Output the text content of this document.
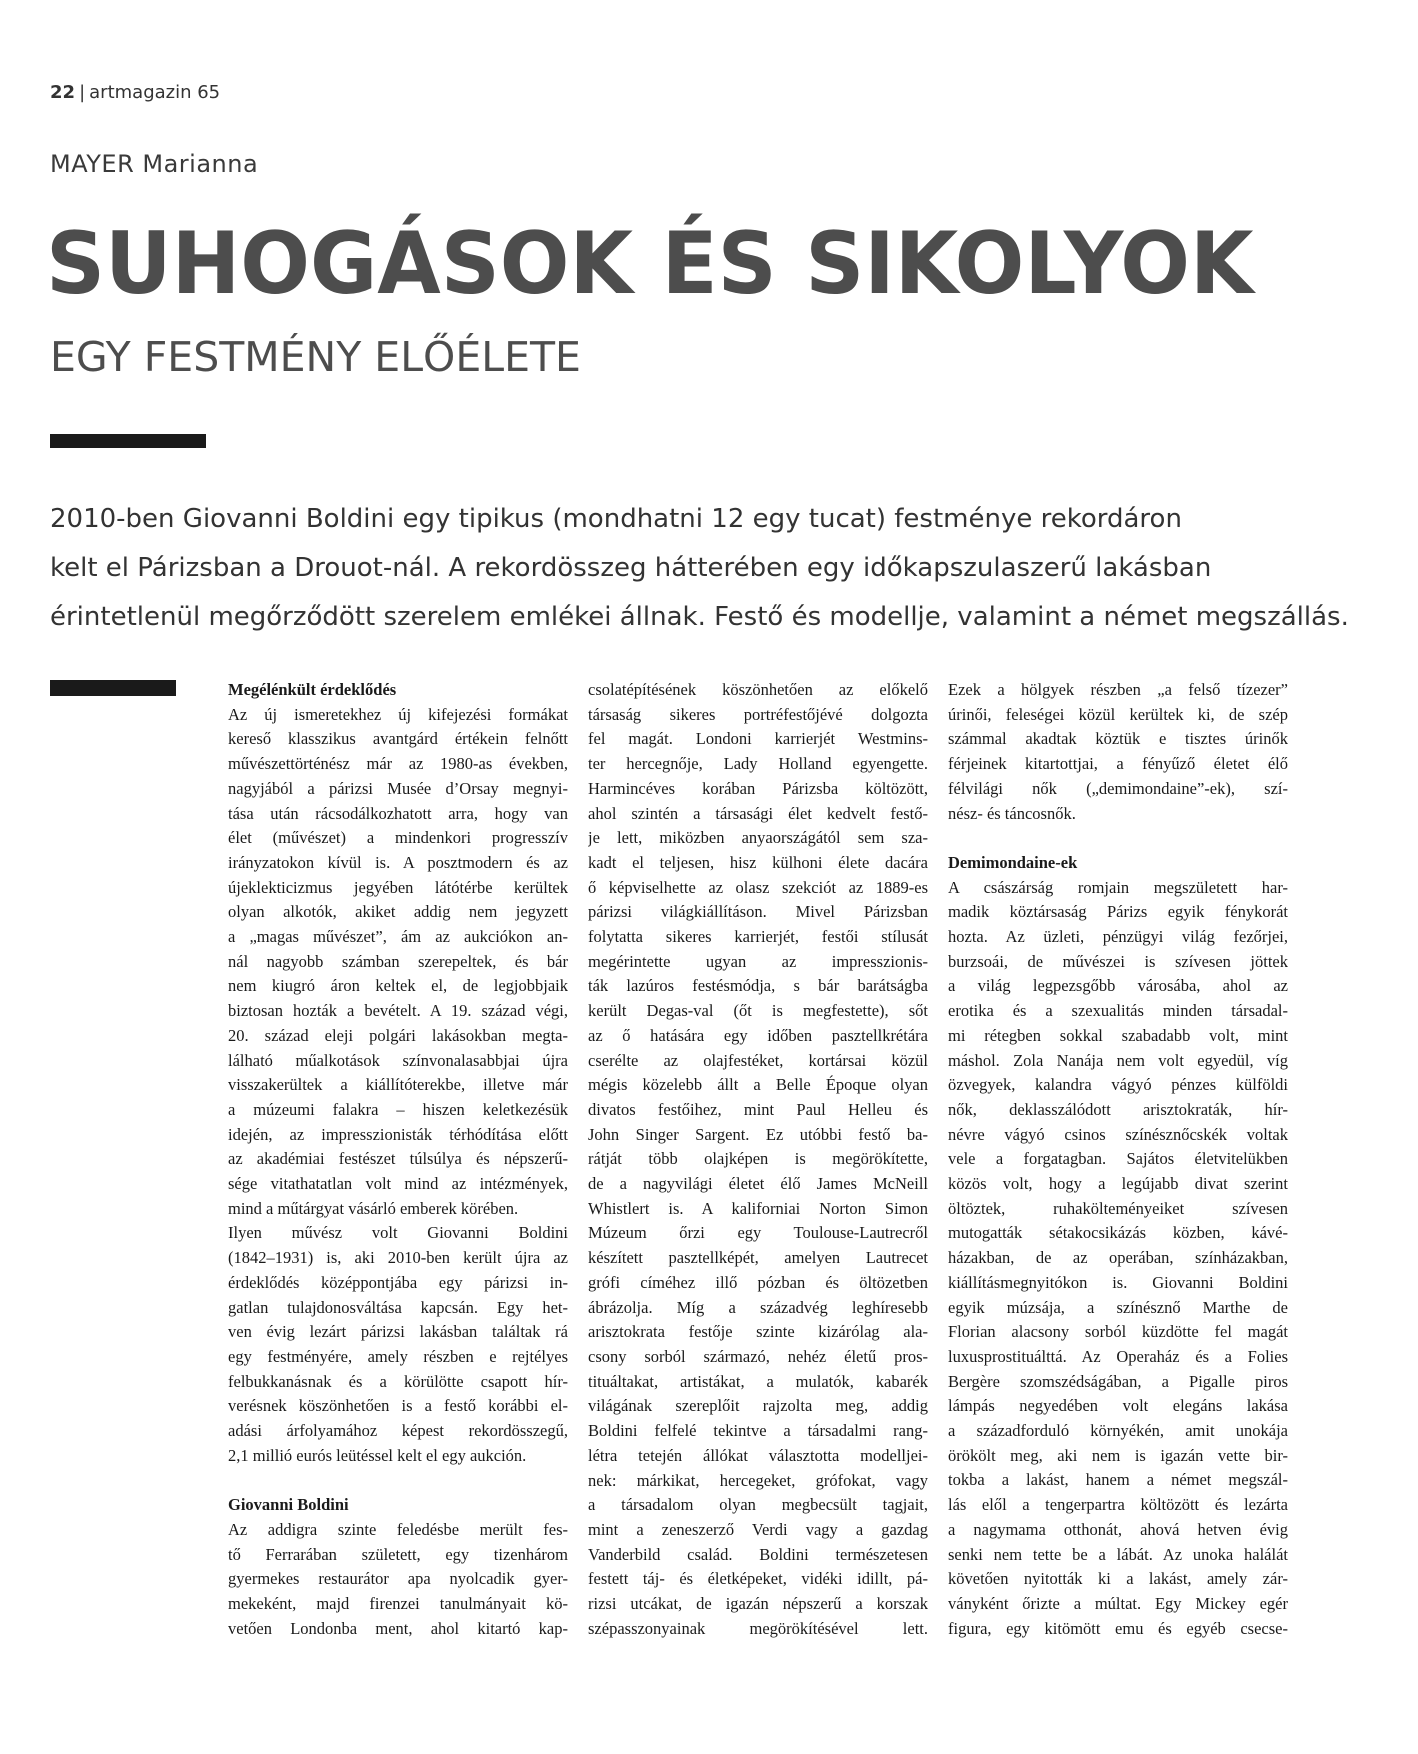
22 | artmagazin 65
MAYER Marianna
SUHOGÁSOK ÉS SIKOLYOK
EGY FESTMÉNY ELŐÉLETE

2010-ben Giovanni Boldini egy tipikus (mondhatni 12 egy tucat) festménye rekordáron

kelt el Párizsban a Drouot-nál. A rekordösszeg hátterében egy időkapszulaszerű lakásban

érintetlenül megőrződött szerelem emlékei állnak. Festő és modellje, valamint a német megszállás.

Megélénkült érdeklődés
Az új ismeretekhez új kifejezési formákat
kereső klasszikus avantgárd értékein felnőtt
művészettörténész már az 1980-as években,
nagyjából a párizsi Musée d’Orsay megnyi-
tása után rácsodálkozhatott arra, hogy van
élet (művészet) a mindenkori progresszív
irányzatokon kívül is. A posztmodern és az
újeklekticizmus jegyében látótérbe kerültek
olyan alkotók, akiket addig nem jegyzett
a „magas művészet”, ám az aukciókon an-
nál nagyobb számban szerepeltek, és bár
nem kiugró áron keltek el, de legjobbjaik
biztosan hozták a bevételt. A 19. század végi,
20. század eleji polgári lakásokban megta-
lálható műalkotások színvonalasabbjai újra
visszakerültek a kiállítóterekbe, illetve már
a múzeumi falakra – hiszen keletkezésük
idején, az impresszionisták térhódítása előtt
az akadémiai festészet túlsúlya és népszerű-
sége vitathatatlan volt mind az intézmények,
mind a műtárgyat vásárló emberek körében.
Ilyen művész volt Giovanni Boldini
(1842–1931) is, aki 2010-ben került újra az
érdeklődés középpontjába egy párizsi in-
gatlan tulajdonosváltása kapcsán. Egy het-
ven évig lezárt párizsi lakásban találtak rá
egy festményére, amely részben e rejtélyes
felbukkanásnak és a körülötte csapott hír-
verésnek köszönhetően is a festő korábbi el-
adási árfolyamához képest rekordösszegű,
2,1 millió eurós leütéssel kelt el egy aukción.
Giovanni Boldini
Az addigra szinte feledésbe merült fes-
tő Ferrarában született, egy tizenhárom
gyermekes restaurátor apa nyolcadik gyer-
mekeként, majd firenzei tanulmányait kö-
vetően Londonba ment, ahol kitartó kap-
csolatépítésének köszönhetően az előkelő
társaság sikeres portréfestőjévé dolgozta
fel magát. Londoni karrierjét Westmins-
ter hercegnője, Lady Holland egyengette.
Harmincéves korában Párizsba költözött,
ahol szintén a társasági élet kedvelt festő-
je lett, miközben anyaországától sem sza-
kadt el teljesen, hisz külhoni élete dacára
ő képviselhette az olasz szekciót az 1889-es
párizsi világkiállításon. Mivel Párizsban
folytatta sikeres karrierjét, festői stílusát
megérintette ugyan az impresszionis-
ták lazúros festésmódja, s bár barátságba
került Degas-val (őt is megfestette), sőt
az ő hatására egy időben pasztellkrétára
cserélte az olajfestéket, kortársai közül
mégis közelebb állt a Belle Époque olyan
divatos festőihez, mint Paul Helleu és
John Singer Sargent. Ez utóbbi festő ba-
rátját több olajképen is megörökítette,
de a nagyvilági életet élő James McNeill
Whistlert is. A kaliforniai Norton Simon
Múzeum őrzi egy Toulouse-Lautrecről
készített pasztellképét, amelyen Lautrecet
grófi címéhez illő pózban és öltözetben
ábrázolja. Míg a századvég leghíresebb
arisztokrata festője szinte kizárólag ala-
csony sorból származó, nehéz életű pros-
tituáltakat, artistákat, a mulatók, kabarék
világának szereplőit rajzolta meg, addig
Boldini felfelé tekintve a társadalmi rang-
létra tetején állókat választotta modelljei-
nek: márkikat, hercegeket, grófokat, vagy
a társadalom olyan megbecsült tagjait,
mint a zeneszerző Verdi vagy a gazdag
Vanderbild család. Boldini természetesen
festett táj- és életképeket, vidéki idillt, pá-
rizsi utcákat, de igazán népszerű a korszak
szépasszonyainak megörökítésével lett.
Ezek a hölgyek részben „a felső tízezer”
úrinői, feleségei közül kerültek ki, de szép
számmal akadtak köztük e tisztes úrinők
férjeinek kitartottjai, a fényűző életet élő
félvilági nők („demimondaine”-ek), szí-
nész- és táncosnők.
Demimondaine-ek
A császárság romjain megszületett har-
madik köztársaság Párizs egyik fénykorát
hozta. Az üzleti, pénzügyi világ fezőrjei,
burzsoái, de művészei is szívesen jöttek
a világ legpezsgőbb városába, ahol az
erotika és a szexualitás minden társadal-
mi rétegben sokkal szabadabb volt, mint
máshol. Zola Nanája nem volt egyedül, víg
özvegyek, kalandra vágyó pénzes külföldi
nők, deklasszálódott arisztokraták, hír-
névre vágyó csinos színésznőcskék voltak
vele a forgatagban. Sajátos életvitelükben
közös volt, hogy a legújabb divat szerint
öltöztek, ruhakölteményeiket szívesen
mutogatták sétakocsikázás közben, kávé-
házakban, de az operában, színházakban,
kiállításmegnyitókon is. Giovanni Boldini
egyik múzsája, a színésznő Marthe de
Florian alacsony sorból küzdötte fel magát
luxusprostituálttá. Az Operaház és a Folies
Bergère szomszédságában, a Pigalle piros
lámpás negyedében volt elegáns lakása
a századforduló környékén, amit unokája
örökölt meg, aki nem is igazán vette bir-
tokba a lakást, hanem a német megszál-
lás elől a tengerpartra költözött és lezárta
a nagymama otthonát, ahová hetven évig
senki nem tette be a lábát. Az unoka halálát
követően nyitották ki a lakást, amely zár-
ványként őrizte a múltat. Egy Mickey egér
figura, egy kitömött emu és egyéb csecse-
